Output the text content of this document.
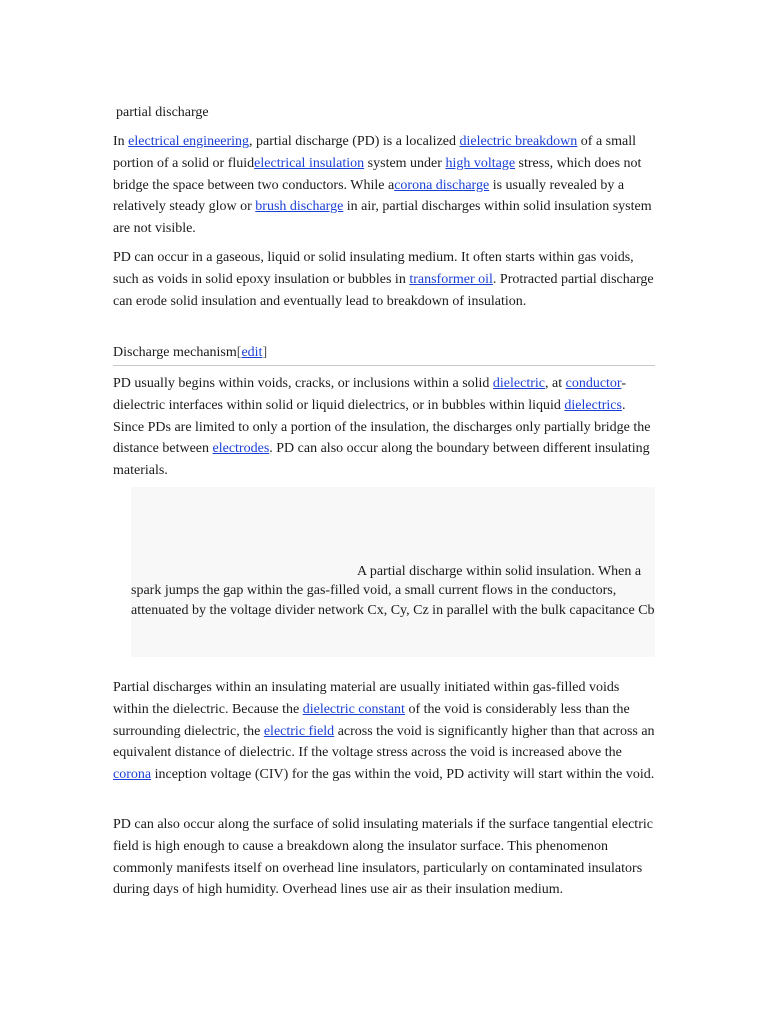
partial discharge

In electrical engineering, partial discharge (PD) is a localized dielectric breakdown of a small portion of a solid or fluidelectrical insulation system under high voltage stress, which does not bridge the space between two conductors. While acorona discharge is usually revealed by a relatively steady glow or brush discharge in air, partial discharges within solid insulation system are not visible.

PD can occur in a gaseous, liquid or solid insulating medium. It often starts within gas voids, such as voids in solid epoxy insulation or bubbles in transformer oil. Protracted partial discharge can erode solid insulation and eventually lead to breakdown of insulation.

Discharge mechanism[edit]

PD usually begins within voids, cracks, or inclusions within a solid dielectric, at conductor-dielectric interfaces within solid or liquid dielectrics, or in bubbles within liquid dielectrics. Since PDs are limited to only a portion of the insulation, the discharges only partially bridge the distance between electrodes. PD can also occur along the boundary between different insulating materials.

A partial discharge within solid insulation. When a spark jumps the gap within the gas-filled void, a small current flows in the conductors, attenuated by the voltage divider network Cx, Cy, Cz in parallel with the bulk capacitance Cb

Partial discharges within an insulating material are usually initiated within gas-filled voids within the dielectric. Because the dielectric constant of the void is considerably less than the surrounding dielectric, the electric field across the void is significantly higher than that across an equivalent distance of dielectric. If the voltage stress across the void is increased above the corona inception voltage (CIV) for the gas within the void, PD activity will start within the void.

PD can also occur along the surface of solid insulating materials if the surface tangential electric field is high enough to cause a breakdown along the insulator surface. This phenomenon commonly manifests itself on overhead line insulators, particularly on contaminated insulators during days of high humidity. Overhead lines use air as their insulation medium.
